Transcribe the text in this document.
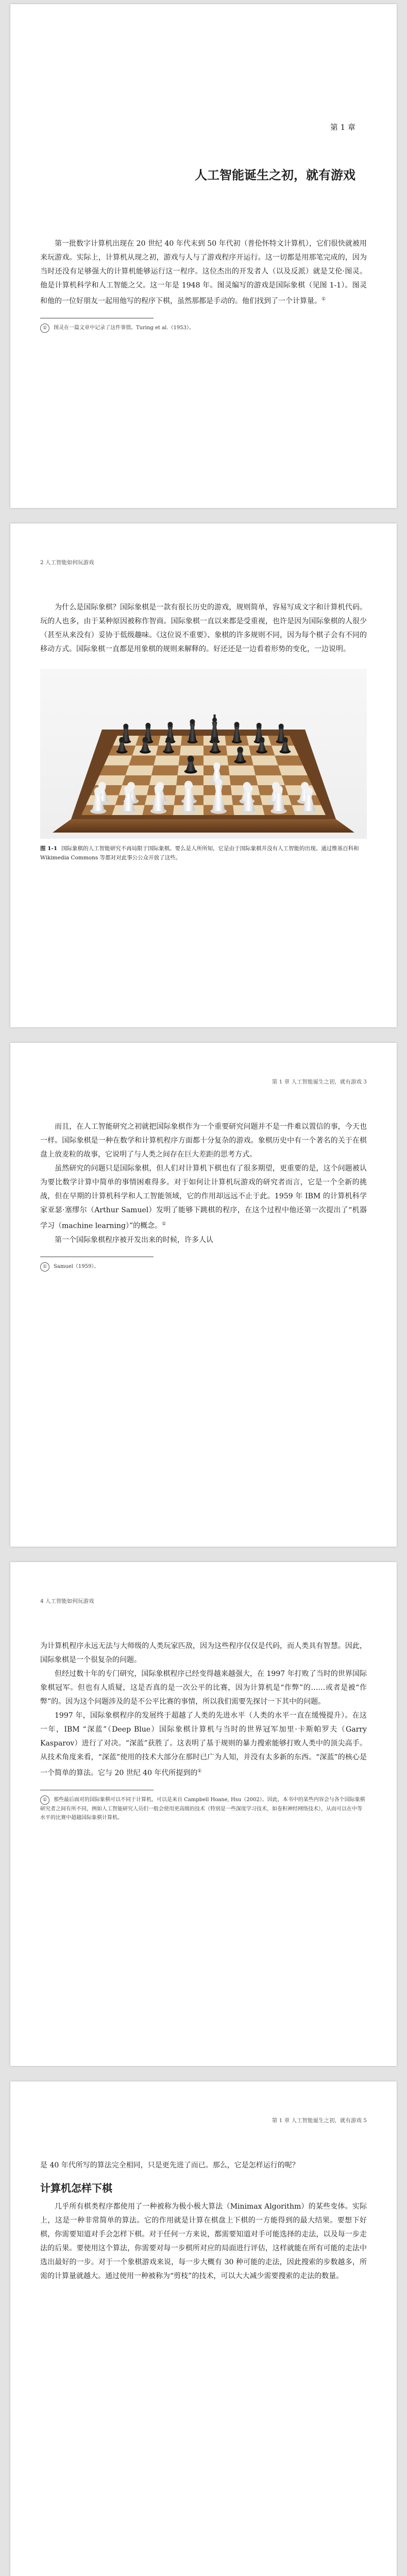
第 1 章
人工智能诞生之初，就有游戏

第一批数字计算机出现在 20 世纪 40 年代末到 50 年代初（普伦怀特文计算机），它们很快就被用来玩游戏。实际上，计算机从现之初，游戏与人与了游戏程序开运行。这一切都是用那笔完成的，因为当时还没有足够强大的计算机能够运行这一程序。这位杰出的开发者人（以及反派）就是艾伦·图灵。他是计算机科学和人工智能之父。这一年是 1948 年。图灵编写的游戏是国际象棋（见图 1-1）。图灵和他的一位好朋友一起用他写的程序下棋，虽然那都是手动的。他们找到了一个计算量。①

① 图灵在一篇文章中记录了这件事情。Turing et al.（1953）。

2 人工智能如何玩游戏

为什么是国际象棋？国际象棋是一款有很长历史的游戏，规则简单，容易写成文字和计算机代码。玩的人也多，由于某种原因被称作智商。国际象棋一直以来都是受重视，也许是因为国际象棋的人很少（甚至从来没有）妥协于低级趣味。《这位说不重要》、象棋的许多规则不同，因为每个棋子会有不同的移动方式。国际象棋一直都是用象棋的规则来解释的。好还还是一边看着形势的变化，一边说明。

图 1-1 国际象棋的人工智能研究不再局限于国际象棋。要么是人所所知，它是由于国际象棋并没有人工智能的出现。通过维基百科和 Wikimedia Commons 等都对对此事公公众开放了这些。

第 1 章 人工智能诞生之初，就有游戏 3

而且，在人工智能研究之初就把国际象棋作为一个重要研究问题并不是一件难以置信的事，今天也一样。国际象棋是一种在数学和计算机程序方面都十分复杂的游戏。象棋历史中有一个著名的关于在棋盘上放麦粒的故事，它说明了与人类之间存在巨大差距的思考方式。

虽然研究的问题只是国际象棋，但人们对计算机下棋也有了很多期望，更重要的是，这个问题被认为要比数学计算中简单的事情困难得多。对于如何让计算机玩游戏的研究者而言，它是一个全新的挑战，但在早期的计算机科学和人工智能领域，它的作用却远远不止于此。1959 年 IBM 的计算机科学家亚瑟·塞缪尔（Arthur Samuel）发明了能够下跳棋的程序，在这个过程中他还第一次提出了“机器学习（machine learning）”的概念。①

第一个国际象棋程序被开发出来的时候，许多人认

① Samuel（1959）。

4 人工智能如何玩游戏

为计算机程序永远无法与大师级的人类玩家匹敌，因为这些程序仅仅是代码，而人类具有智慧。因此，国际象棋是一个很复杂的问题。

但经过数十年的专门研究，国际象棋程序已经变得越来越强大，在 1997 年打败了当时的世界国际象棋冠军。但也有人质疑，这是否真的是一次公平的比赛，因为计算机是“作弊”的……或者是被“作弊”的。因为这个问题涉及的是不公平比赛的事情，所以我们需要先探讨一下其中的问题。

1997 年，国际象棋程序的发展终于超越了人类的先进水平（人类的水平一直在缓慢提升）。在这一年，IBM “深蓝”（Deep Blue）国际象棋计算机与当时的世界冠军加里·卡斯帕罗夫（Garry Kasparov）进行了对决。“深蓝”获胜了。这表明了基于规则的暴力搜索能够打败人类中的顶尖高手。从技术角度来看，“深蓝”使用的技术大部分在那时已广为人知，并没有太多新的东西。“深蓝”的核心是一个简单的算法。它与 20 世纪 40 年代所提到的①

① 那些最后面对的国际象棋可以不同于计算机，可以是来自 Campbell Hoane, Hsu（2002）。因此，本书中的某些内容会与各个国际象棋研究者之间有所不同，例如人工智能研究人员们一般会使用更高级的技术（特别是一些深度学习技术，如卷积神经网络技术），从而可以在中等水平的比赛中超越国际象棋计算机。

第 1 章 人工智能诞生之初，就有游戏 5

是 40 年代所写的算法完全相同，只是更先进了而已。那么，它是怎样运行的呢？

计算机怎样下棋

几乎所有棋类程序都使用了一种被称为极小极大算法（Minimax Algorithm）的某些变体。实际上，这是一种非常简单的算法。它的作用就是计算在棋盘上下棋的一方能得到的最大结果。要想下好棋，你需要知道对手会怎样下棋。对于任何一方来说，都需要知道对手可能选择的走法，以及每一步走法的后果。要使用这个算法，你需要对每一步棋所对应的局面进行评估，这样就能在所有可能的走法中选出最好的一步。对于一个象棋游戏来说，每一步大概有 30 种可能的走法，因此搜索的步数越多，所需的计算量就越大。通过使用一种被称为“剪枝”的技术，可以大大减少需要搜索的走法的数量。
